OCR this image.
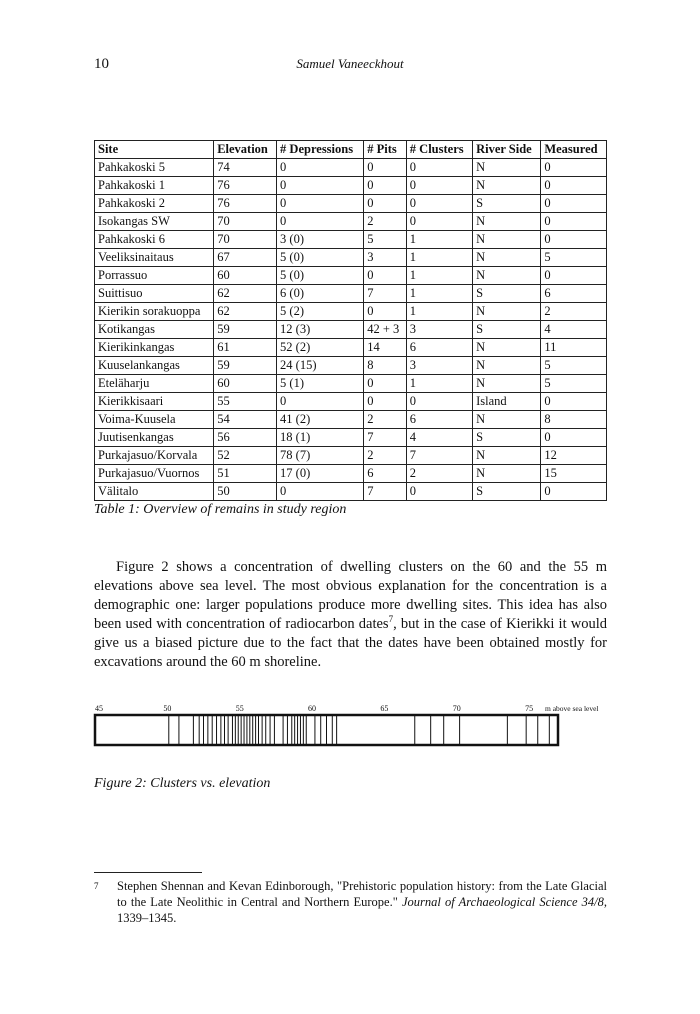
10	Samuel Vaneeckhout
Site	Elevation	# Depressions	# Pits	# Clusters	River Side	Measured
Pahkakoski 5	74	0	0	0	N	0
Pahkakoski 1	76	0	0	0	N	0
Pahkakoski 2	76	0	0	0	S	0
Isokangas SW	70	0	2	0	N	0
Pahkakoski 6	70	3 (0)	5	1	N	0
Veeliksinaitaus	67	5 (0)	3	1	N	5
Porrassuo	60	5 (0)	0	1	N	0
Suittisuo	62	6 (0)	7	1	S	6
Kierikin sorakuoppa	62	5 (2)	0	1	N	2
Kotikangas	59	12 (3)	42 + 3	3	S	4
Kierikinkangas	61	52 (2)	14	6	N	11
Kuuselankangas	59	24 (15)	8	3	N	5
Eteläharju	60	5 (1)	0	1	N	5
Kierikkisaari	55	0	0	0	Island	0
Voima-Kuusela	54	41 (2)	2	6	N	8
Juutisenkangas	56	18 (1)	7	4	S	0
Purkajasuo/Korvala	52	78 (7)	2	7	N	12
Purkajasuo/Vuornos	51	17 (0)	6	2	N	15
Välitalo	50	0	7	0	S	0
Table 1: Overview of remains in study region

Figure 2 shows a concentration of dwelling clusters on the 60 and the 55 m elevations above sea level. The most obvious explanation for the concentration is a demographic one: larger populations produce more dwelling sites. This idea has also been used with concentration of radiocarbon dates$^7$, but in the case of Kierikki it would give us a biased picture due to the fact that the dates have been obtained mostly for excavations around the 60 m shoreline.

45	50	55	60	65	70	75 m above sea level
Figure 2: Clusters vs. elevation
7 Stephen Shennan and Kevan Edinborough, "Prehistoric population history: from the Late Glacial to the Late Neolithic in Central and Northern Europe." Journal of Archaeological Science 34/8, 1339–1345.
